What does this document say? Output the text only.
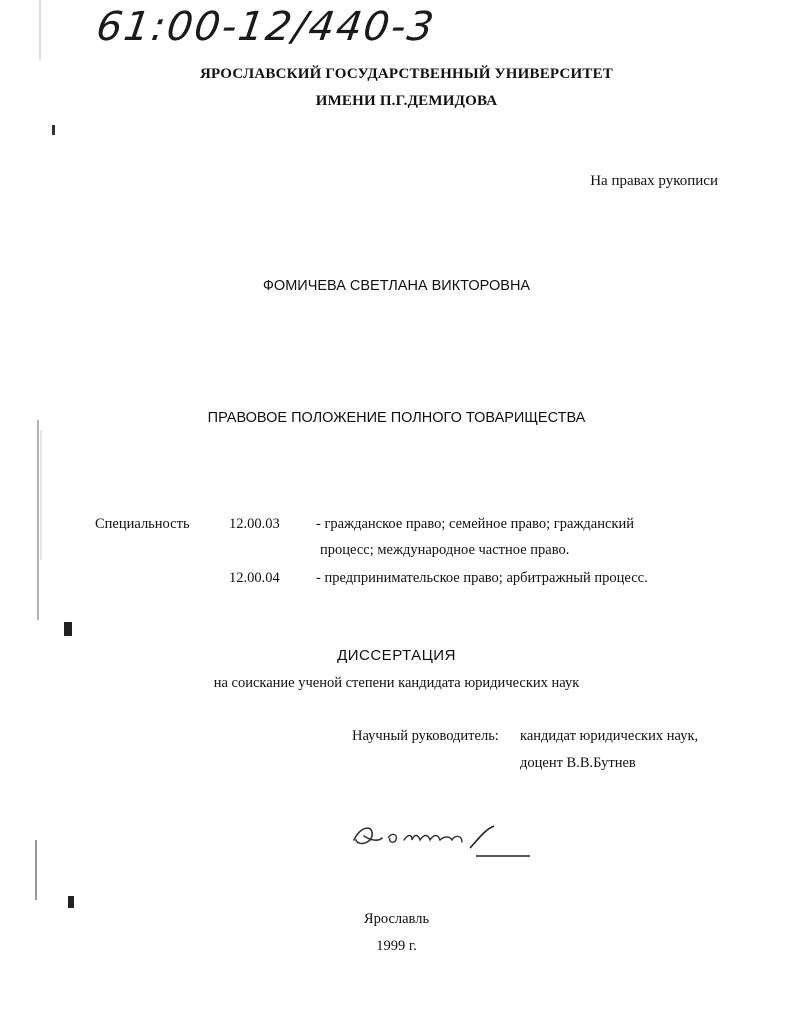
61:00-12/440-3
ЯРОСЛАВСКИЙ ГОСУДАРСТВЕННЫЙ УНИВЕРСИТЕТ
ИМЕНИ П.Г.ДЕМИДОВА
На правах рукописи
ФОМИЧЕВА СВЕТЛАНА ВИКТОРОВНА
ПРАВОВОЕ ПОЛОЖЕНИЕ ПОЛНОГО ТОВАРИЩЕСТВА
Специальность	12.00.03	- гражданское право; семейное право; гражданский
процесс; международное частное право.
12.00.04	- предпринимательское право; арбитражный процесс.
ДИССЕРТАЦИЯ
на соискание ученой степени кандидата юридических наук
Научный руководитель: кандидат юридических наук,
доцент В.В.Бутнев
Ярославль
1999 г.
